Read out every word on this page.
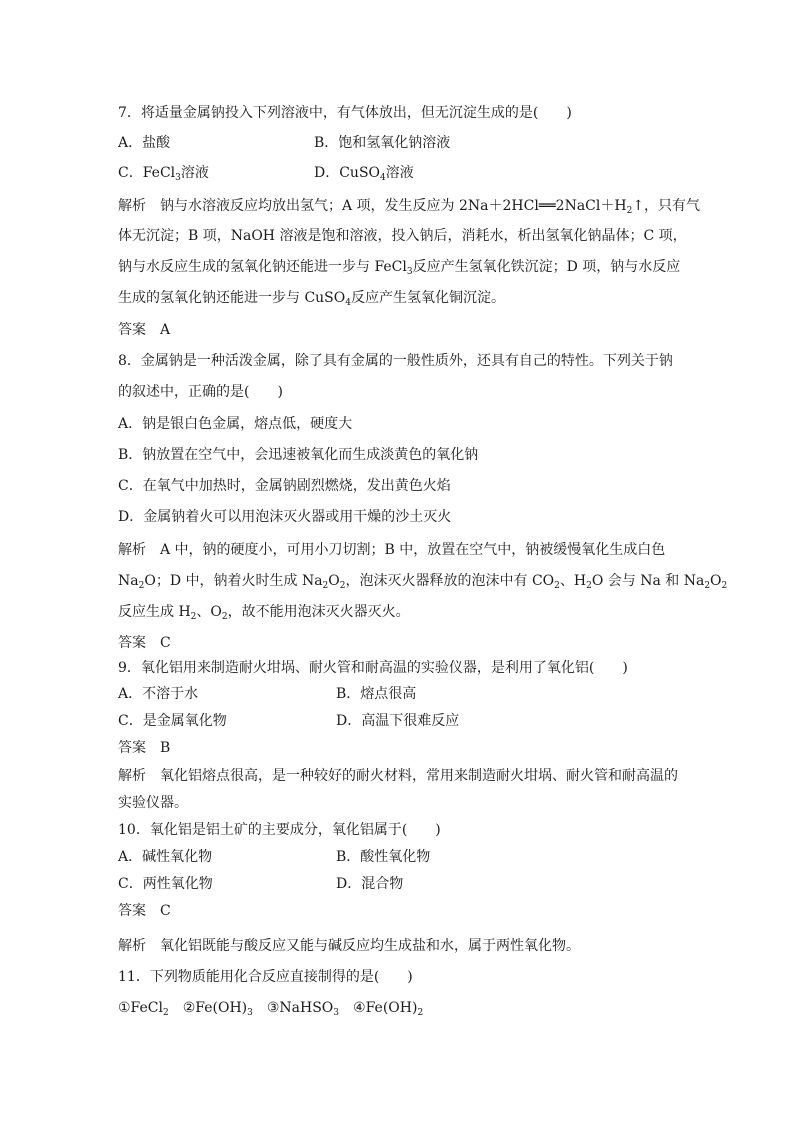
7．将适量金属钠投入下列溶液中，有气体放出，但无沉淀生成的是(　　)
A．盐酸	B．饱和氢氧化钠溶液
C．FeCl$_3$溶液	D．CuSO$_4$溶液
解析 钠与水溶液反应均放出氢气；A 项，发生反应为 $2Na+2HCl══2NaCl+H_2↑$，只有气
体无沉淀；B 项，NaOH 溶液是饱和溶液，投入钠后，消耗水，析出氢氧化钠晶体；C 项，
钠与水反应生成的氢氧化钠还能进一步与 FeCl$_3$反应产生氢氧化铁沉淀；D 项，钠与水反应
生成的氢氧化钠还能进一步与 CuSO$_4$反应产生氢氧化铜沉淀。
答案 A
8．金属钠是一种活泼金属，除了具有金属的一般性质外，还具有自己的特性。下列关于钠
的叙述中，正确的是(　　)
A．钠是银白色金属，熔点低，硬度大
B．钠放置在空气中，会迅速被氧化而生成淡黄色的氧化钠
C．在氧气中加热时，金属钠剧烈燃烧，发出黄色火焰
D．金属钠着火可以用泡沫灭火器或用干燥的沙土灭火
解析 A 中，钠的硬度小，可用小刀切割；B 中，放置在空气中，钠被缓慢氧化生成白色
$Na_2O$；D 中，钠着火时生成 $Na_2O_2$，泡沫灭火器释放的泡沫中有 $CO_2$、$H_2O$ 会与 Na 和 $Na_2O_2$
反应生成 $H_2$、$O_2$，故不能用泡沫灭火器灭火。
答案 C
9．氧化铝用来制造耐火坩埚、耐火管和耐高温的实验仪器，是利用了氧化铝(　　)
A．不溶于水	B．熔点很高
C．是金属氧化物	D．高温下很难反应
答案 B
解析 氧化铝熔点很高，是一种较好的耐火材料，常用来制造耐火坩埚、耐火管和耐高温的
实验仪器。
10．氧化铝是铝土矿的主要成分，氧化铝属于(　　)
A．碱性氧化物	B．酸性氧化物
C．两性氧化物	D．混合物
答案 C
解析 氧化铝既能与酸反应又能与碱反应均生成盐和水，属于两性氧化物。
11．下列物质能用化合反应直接制得的是(　　)
①FeCl$_2$ $②Fe(OH)_3$ ③NaHSO$_3$ $④Fe(OH)_2$
